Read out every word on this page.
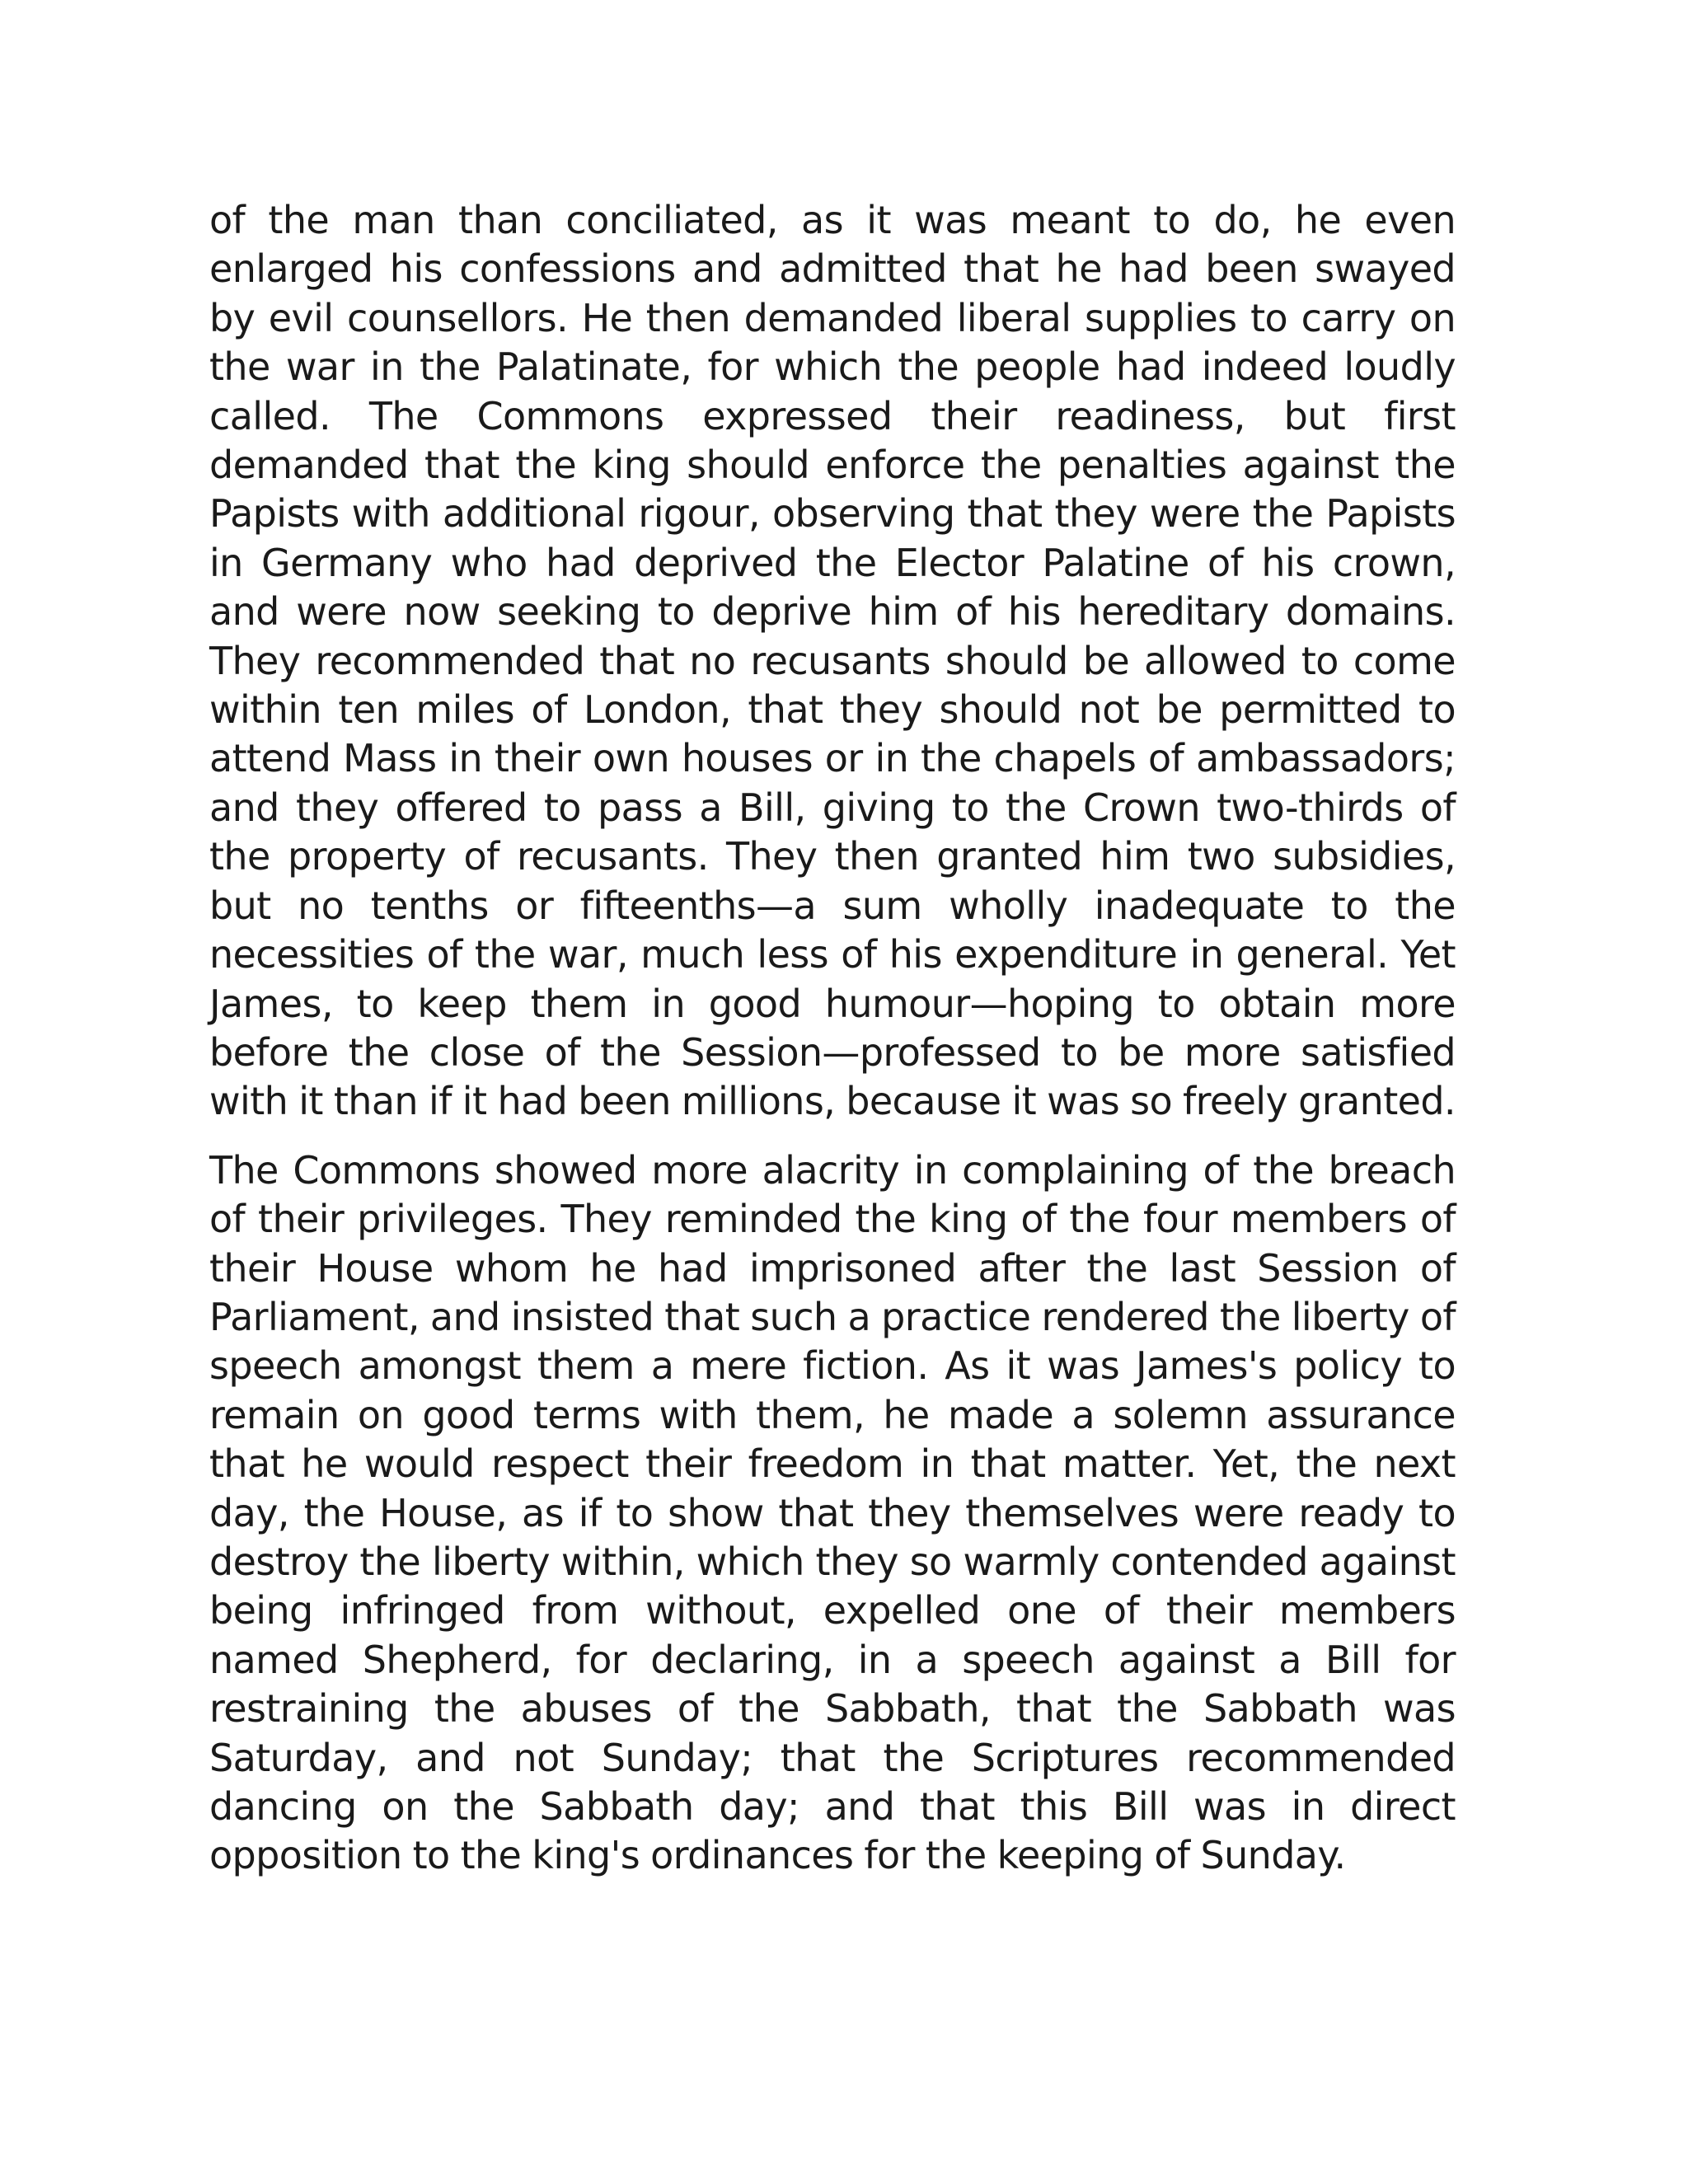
of the man than conciliated, as it was meant to do, he even enlarged his confessions and admitted that he had been swayed by evil counsellors. He then demanded liberal supplies to carry on the war in the Palatinate, for which the people had indeed loudly called. The Commons expressed their readiness, but first demanded that the king should enforce the penalties against the Papists with additional rigour, observing that they were the Papists in Germany who had deprived the Elector Palatine of his crown, and were now seeking to deprive him of his hereditary domains. They recommended that no recusants should be allowed to come within ten miles of London, that they should not be permitted to attend Mass in their own houses or in the chapels of ambassadors; and they offered to pass a Bill, giving to the Crown two-thirds of the property of recusants. They then granted him two subsidies, but no tenths or fifteenths—a sum wholly inadequate to the necessities of the war, much less of his expenditure in general. Yet James, to keep them in good humour—hoping to obtain more before the close of the Session—professed to be more satisfied with it than if it had been millions, because it was so freely granted.

The Commons showed more alacrity in complaining of the breach of their privileges. They reminded the king of the four members of their House whom he had imprisoned after the last Session of Parliament, and insisted that such a practice rendered the liberty of speech amongst them a mere fiction. As it was James's policy to remain on good terms with them, he made a solemn assurance that he would respect their freedom in that matter. Yet, the next day, the House, as if to show that they themselves were ready to destroy the liberty within, which they so warmly contended against being infringed from without, expelled one of their members named Shepherd, for declaring, in a speech against a Bill for restraining the abuses of the Sabbath, that the Sabbath was Saturday, and not Sunday; that the Scriptures recommended dancing on the Sabbath day; and that this Bill was in direct opposition to the king's ordinances for the keeping of Sunday.
